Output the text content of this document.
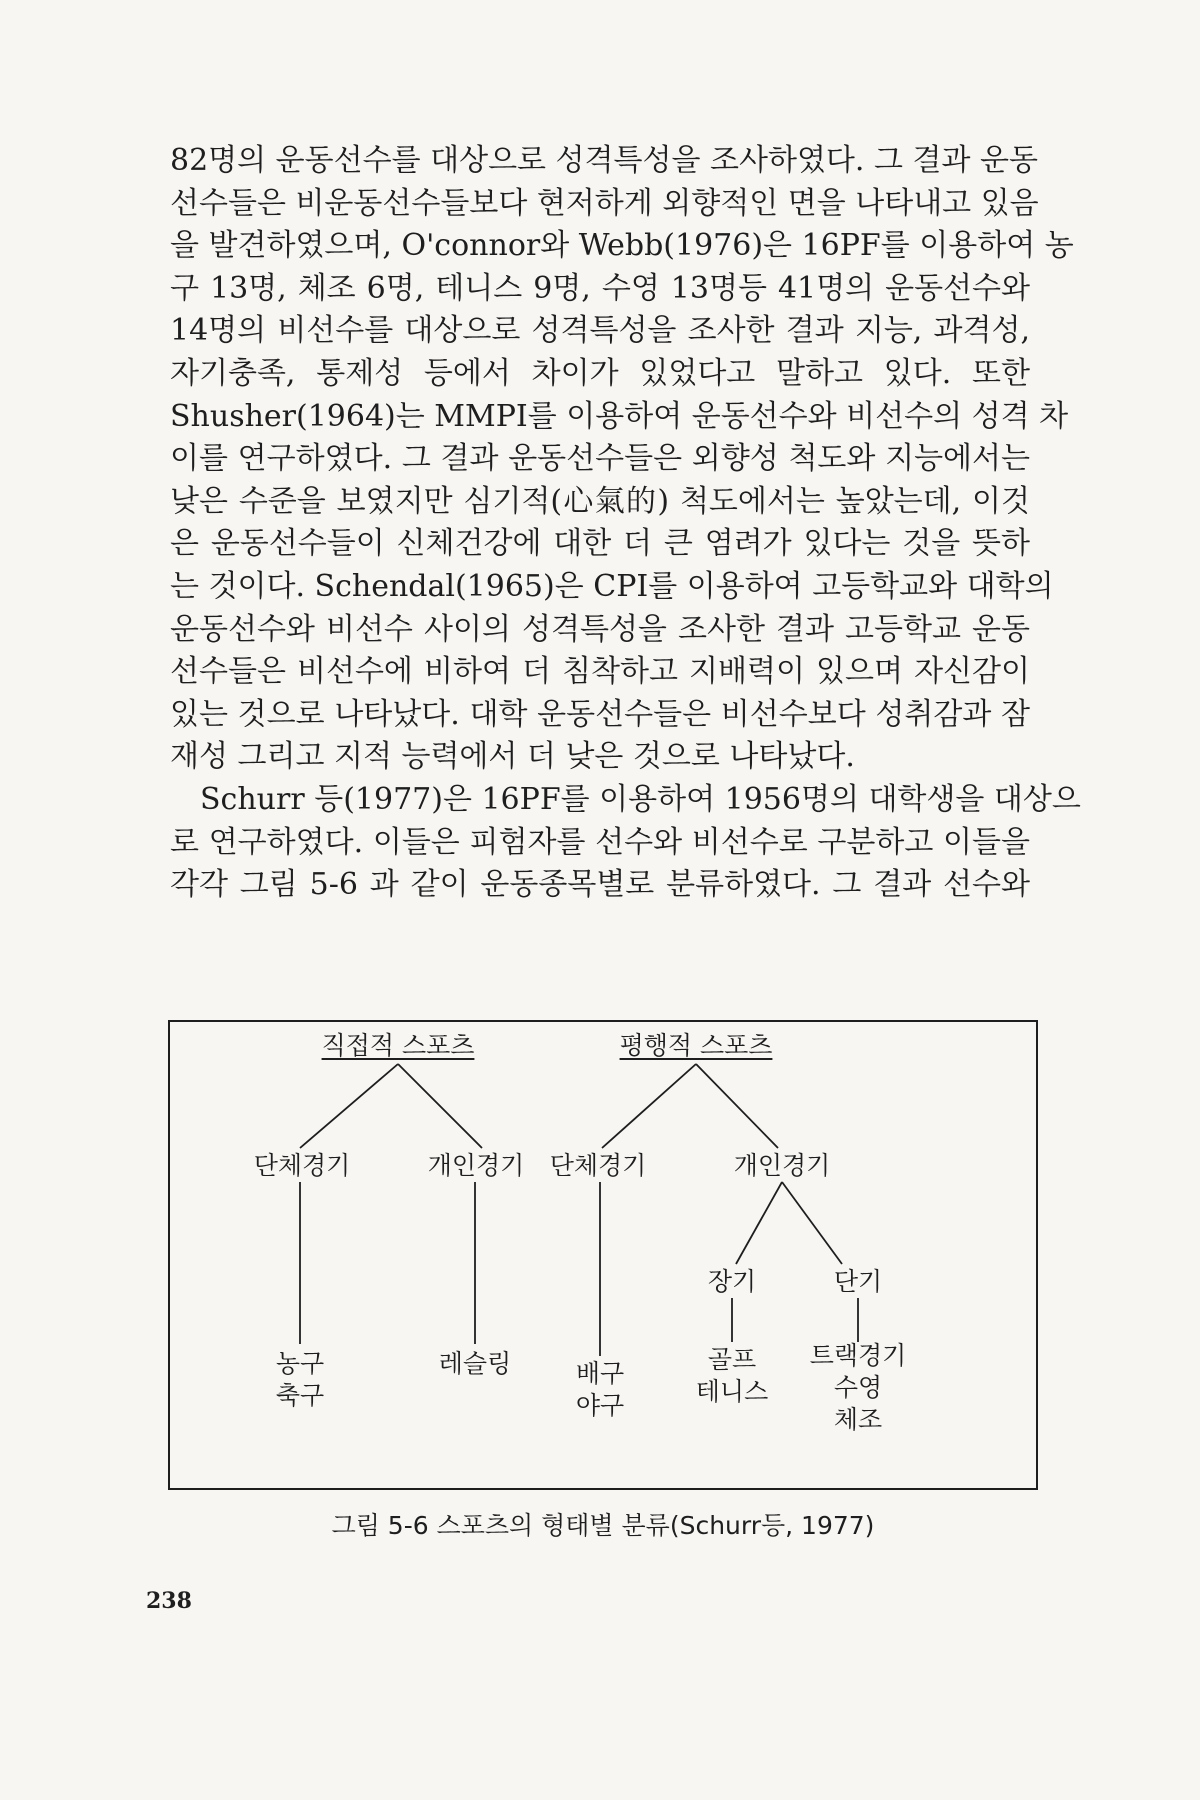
82명의 운동선수를 대상으로 성격특성을 조사하였다. 그 결과 운동
선수들은 비운동선수들보다 현저하게 외향적인 면을 나타내고 있음
을 발견하였으며, O'connor와 Webb(1976)은 16PF를 이용하여 농
구 13명, 체조 6명, 테니스 9명, 수영 13명등 41명의 운동선수와
14명의 비선수를 대상으로 성격특성을 조사한 결과 지능, 과격성,
자기충족, 통제성 등에서 차이가 있었다고 말하고 있다. 또한
Shusher(1964)는 MMPI를 이용하여 운동선수와 비선수의 성격 차
이를 연구하였다. 그 결과 운동선수들은 외향성 척도와 지능에서는
낮은 수준을 보였지만 심기적(心氣的) 척도에서는 높았는데, 이것
은 운동선수들이 신체건강에 대한 더 큰 염려가 있다는 것을 뜻하
는 것이다. Schendal(1965)은 CPI를 이용하여 고등학교와 대학의
운동선수와 비선수 사이의 성격특성을 조사한 결과 고등학교 운동
선수들은 비선수에 비하여 더 침착하고 지배력이 있으며 자신감이
있는 것으로 나타났다. 대학 운동선수들은 비선수보다 성취감과 잠
재성 그리고 지적 능력에서 더 낮은 것으로 나타났다.
Schurr 등(1977)은 16PF를 이용하여 1956명의 대학생을 대상으
로 연구하였다. 이들은 피험자를 선수와 비선수로 구분하고 이들을
각각 그림 5-6 과 같이 운동종목별로 분류하였다. 그 결과 선수와

직접적 스포츠
단체경기	개인경기
농구
축구
레슬링
평행적 스포츠
단체경기	개인경기
장기	단기
배구
야구
골프
테니스
트랙경기
수영
체조
그림 5-6 스포츠의 형태별 분류(Schurr등, 1977)
238
